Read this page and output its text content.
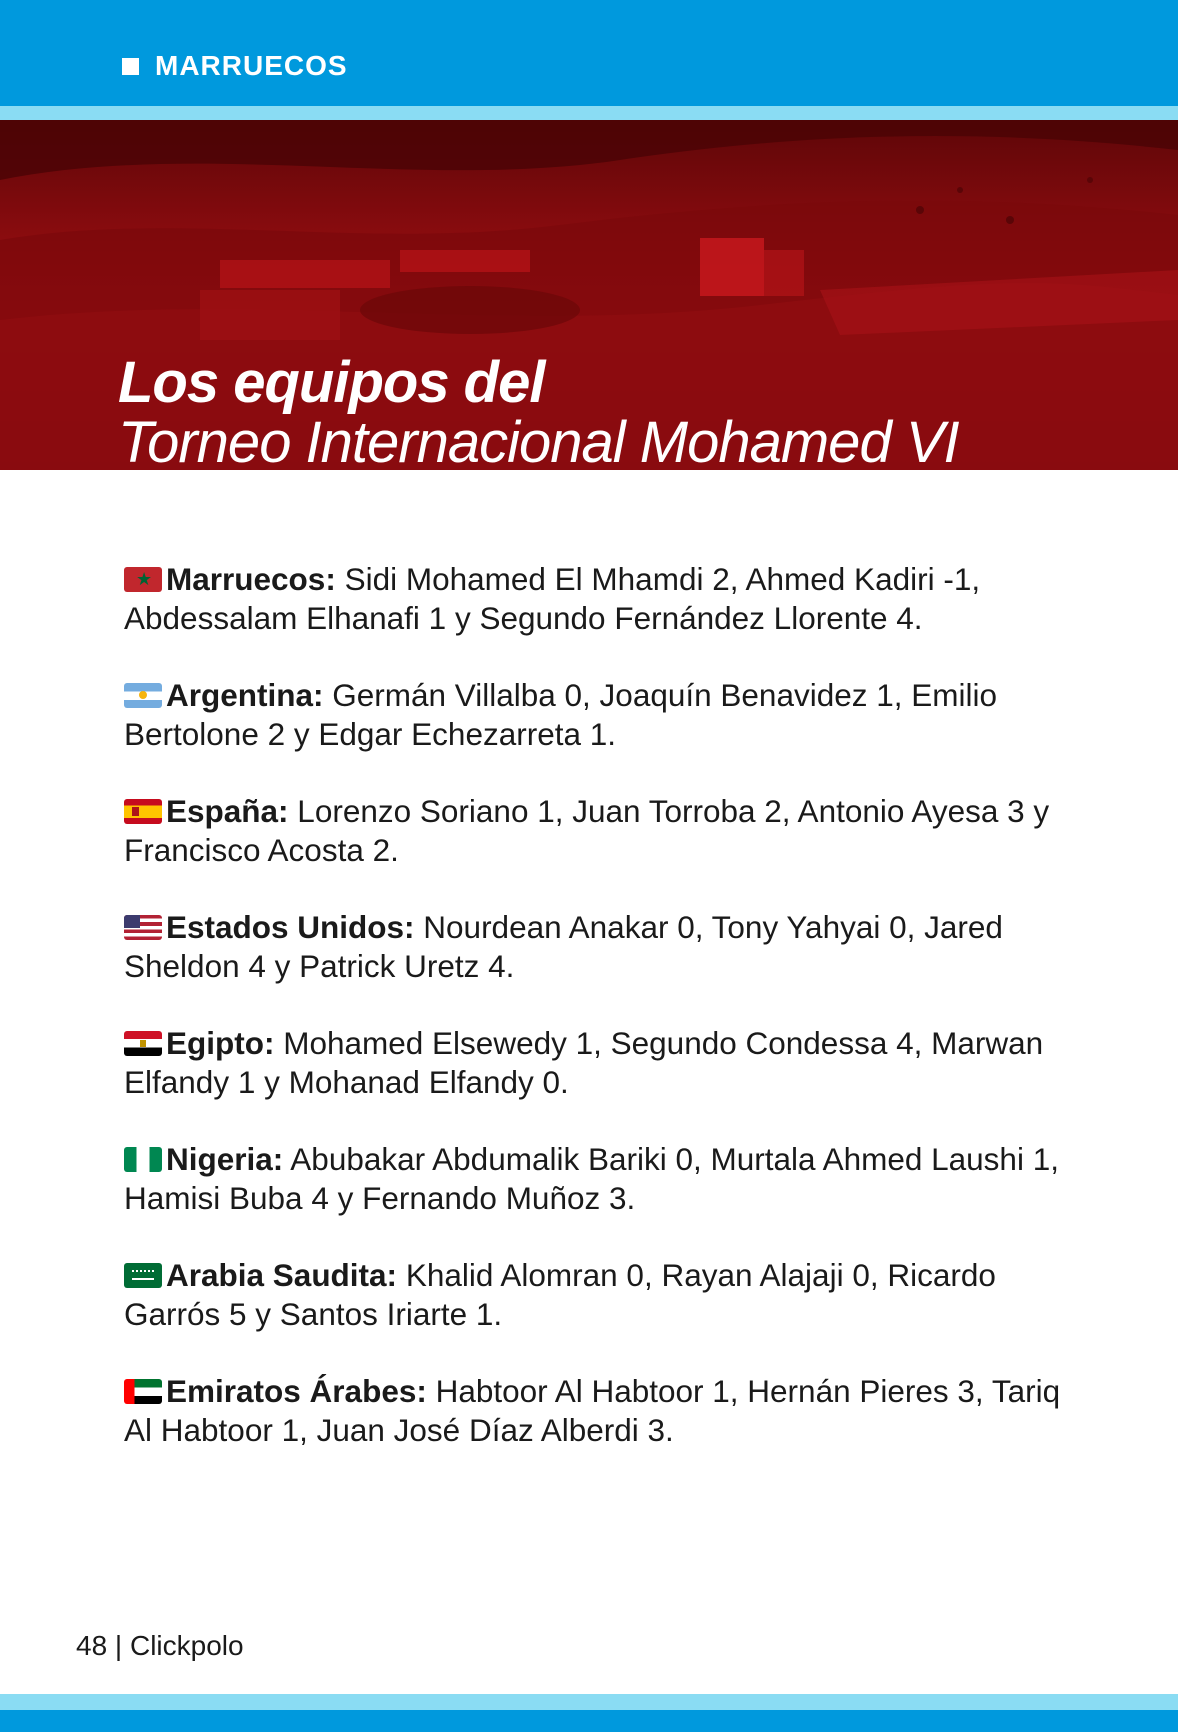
MARRUECOS
Los equipos del
Torneo Internacional Mohamed VI

★Marruecos: Sidi Mohamed El Mhamdi 2, Ahmed Kadiri -1, Abdessalam Elhanafi 1 y Segundo Fernández Llorente 4.

Argentina: Germán Villalba 0, Joaquín Benavidez 1, Emilio Bertolone 2 y Edgar Echezarreta 1.

España: Lorenzo Soriano 1, Juan Torroba 2, Antonio Ayesa 3 y Francisco Acosta 2.

Estados Unidos: Nourdean Anakar 0, Tony Yahyai 0, Jared Sheldon 4 y Patrick Uretz 4.

Egipto: Mohamed Elsewedy 1, Segundo Condessa 4, Marwan Elfandy 1 y Mohanad Elfandy 0.

Nigeria: Abubakar Abdumalik Bariki 0, Murtala Ahmed Laushi 1, Hamisi Buba 4 y Fernando Muñoz 3.

Arabia Saudita: Khalid Alomran 0, Rayan Alajaji 0, Ricardo Garrós 5 y Santos Iriarte 1.

Emiratos Árabes: Habtoor Al Habtoor 1, Hernán Pieres 3, Tariq Al Habtoor 1, Juan José Díaz Alberdi 3.

48 | Clickpolo
